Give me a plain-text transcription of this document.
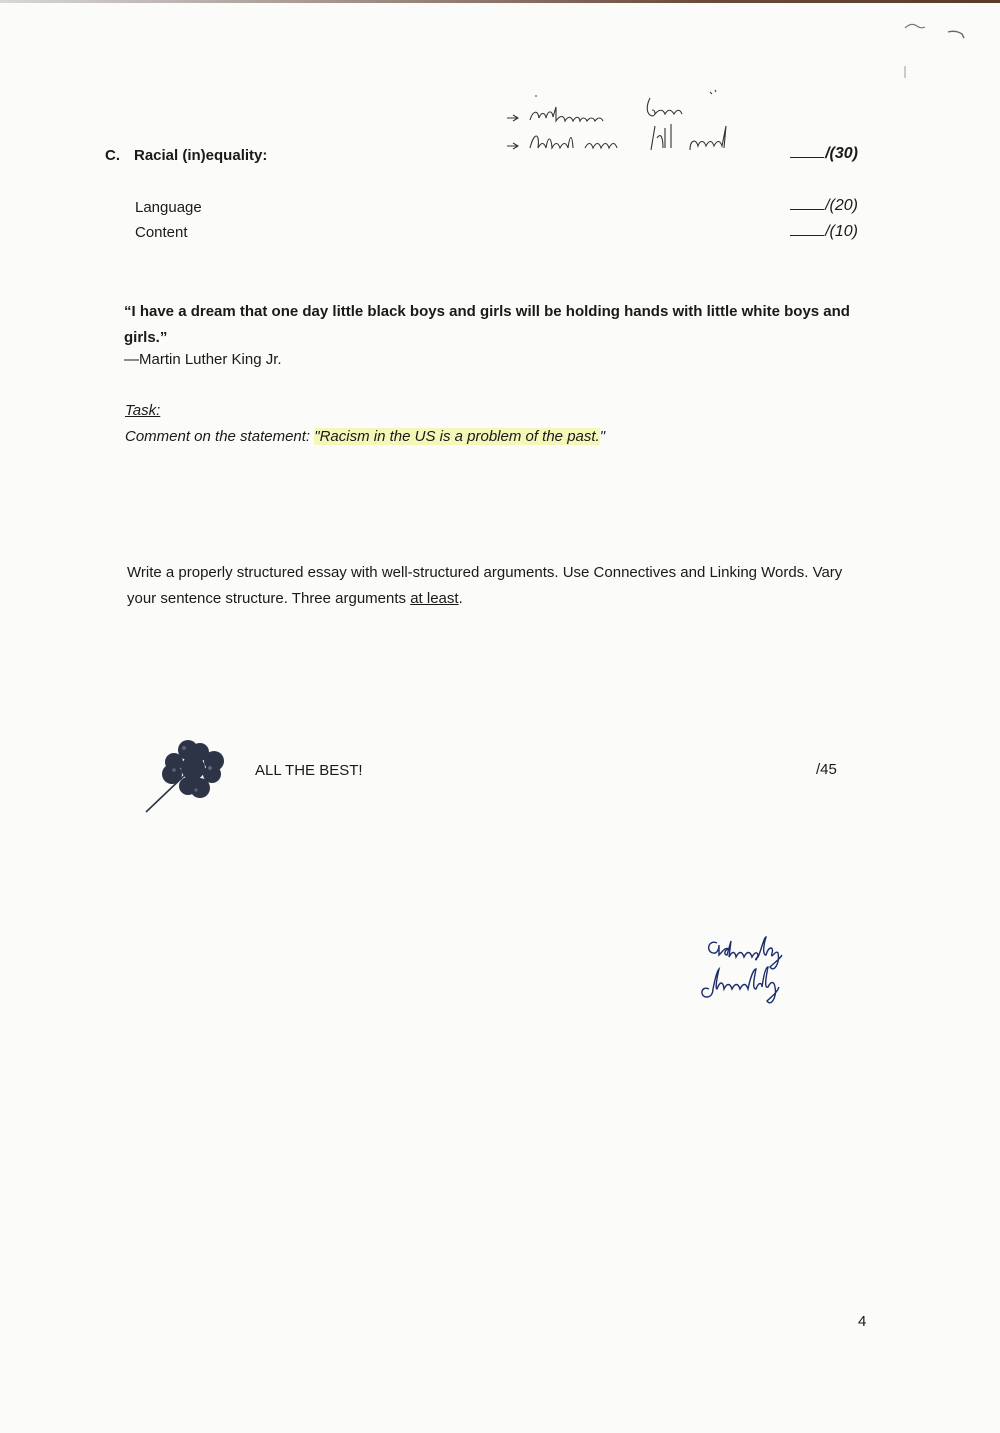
C. Racial (in)equality:	/(30)
Language	/(20)
Content	/(10)
“I have a dream that one day little black boys and girls will be holding hands with little white boys and girls.”
—Martin Luther King Jr.
Task:
Comment on the statement: "Racism in the US is a problem of the past."
Write a properly structured essay with well-structured arguments. Use Connectives and Linking Words. Vary your sentence structure. Three arguments at least.
ALL THE BEST!	/45
4
